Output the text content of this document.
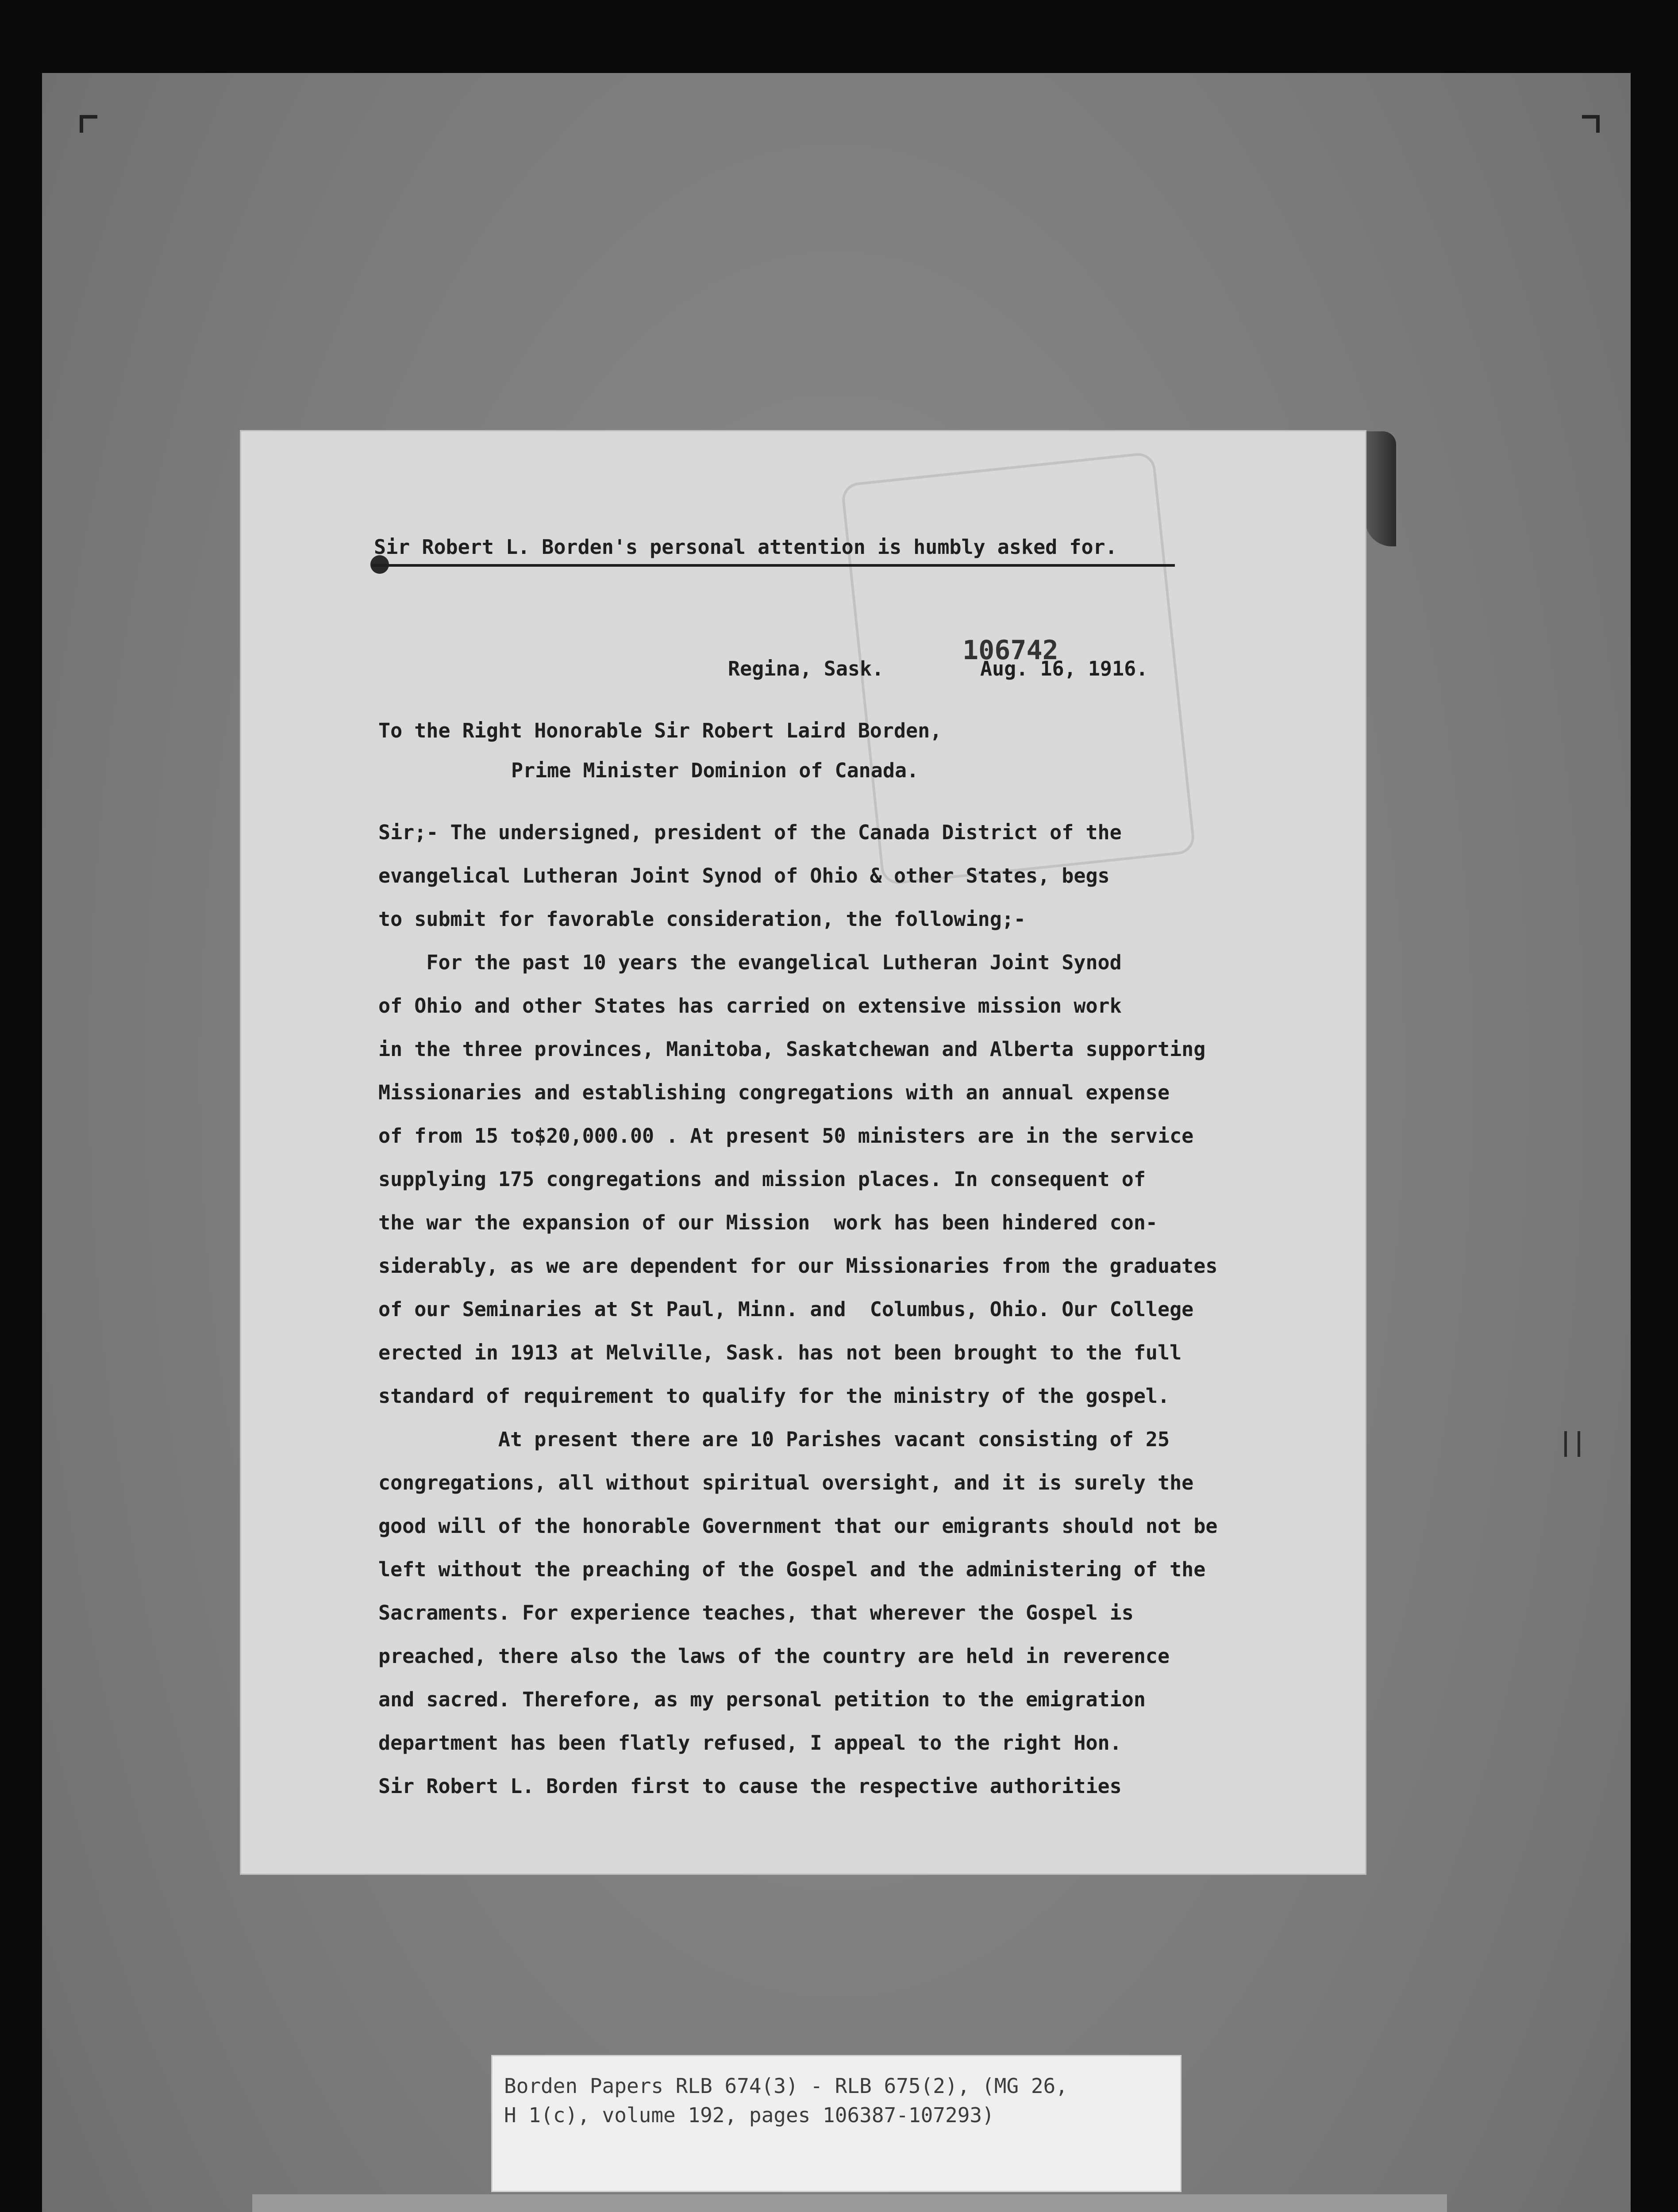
Sir Robert L. Borden's personal attention is humbly asked for.
Regina, Sask.
106742
Aug. 16, 1916.
To the Right Honorable Sir Robert Laird Borden,
Prime Minister Dominion of Canada.
Sir;- The undersigned, president of the Canada District of the
evangelical Lutheran Joint Synod of Ohio & other States, begs
to submit for favorable consideration, the following;-
For the past 10 years the evangelical Lutheran Joint Synod
of Ohio and other States has carried on extensive mission work
in the three provinces, Manitoba, Saskatchewan and Alberta supporting
Missionaries and establishing congregations with an annual expense
of from 15 to$20,000.00 . At present 50 ministers are in the service
supplying 175 congregations and mission places. In consequent of
the war the expansion of our Mission  work has been hindered con-
siderably, as we are dependent for our Missionaries from the graduates
of our Seminaries at St Paul, Minn. and  Columbus, Ohio. Our College
erected in 1913 at Melville, Sask. has not been brought to the full
standard of requirement to qualify for the ministry of the gospel.
At present there are 10 Parishes vacant consisting of 25
congregations, all without spiritual oversight, and it is surely the
good will of the honorable Government that our emigrants should not be
left without the preaching of the Gospel and the administering of the
Sacraments. For experience teaches, that wherever the Gospel is
preached, there also the laws of the country are held in reverence
and sacred. Therefore, as my personal petition to the emigration
department has been flatly refused, I appeal to the right Hon.
Sir Robert L. Borden first to cause the respective authorities
Borden Papers RLB 674(3) - RLB 675(2), (MG 26,
H 1(c), volume 192, pages 106387-107293)
